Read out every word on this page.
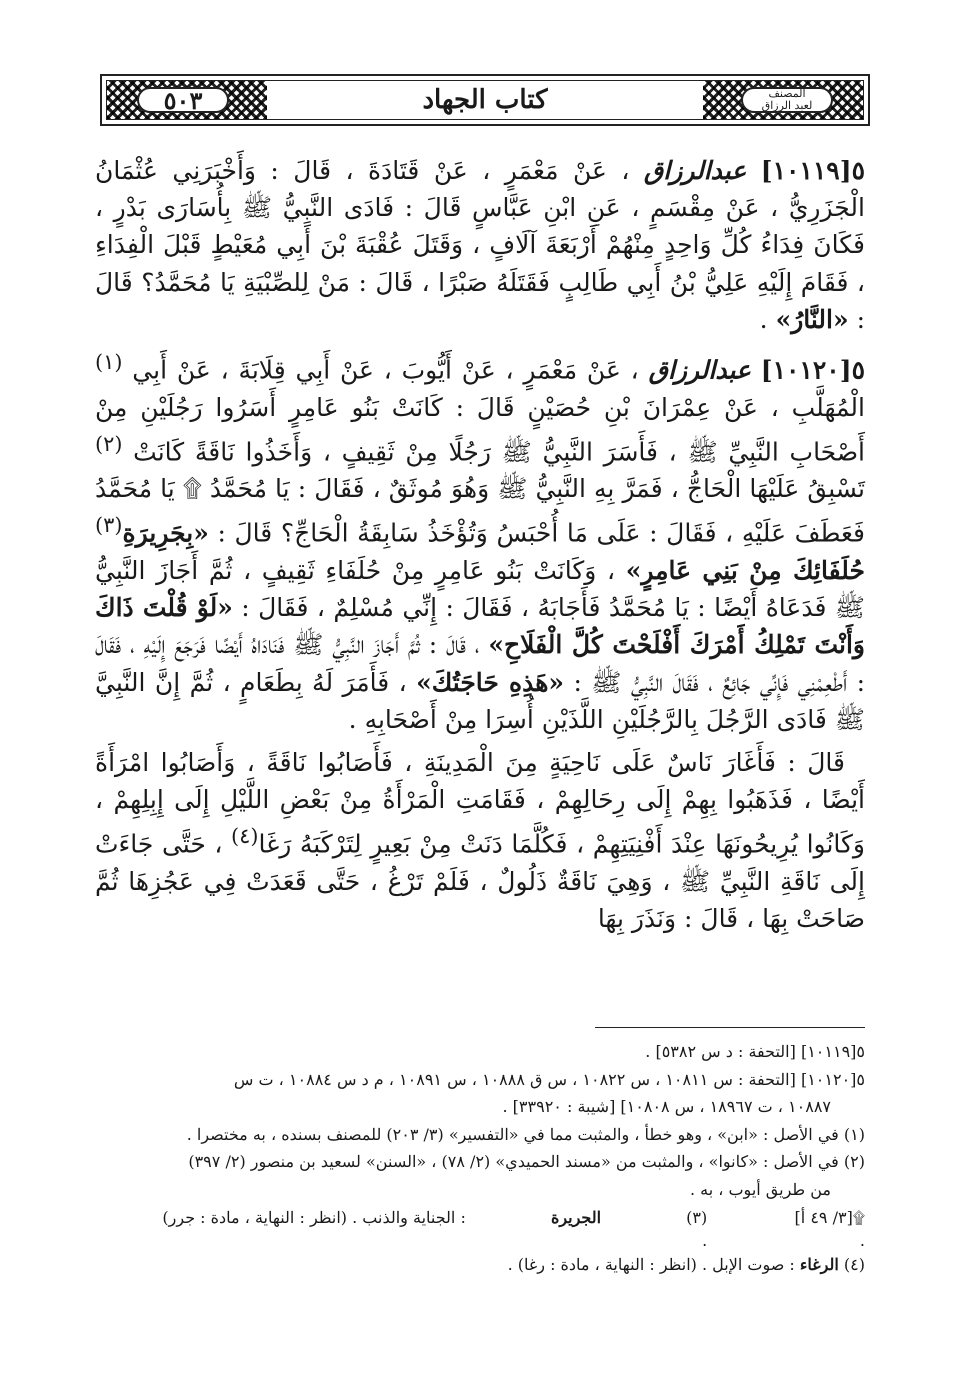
٥٠٣	كتاب الجهاد	المصنف
لعبد الرزاق

٥[١٠١١٩] عبدالرزاق ، عَنْ مَعْمَرٍ ، عَنْ قَتَادَةَ ، قَالَ : وَأَخْبَرَنِي عُثْمَانُ الْجَزَرِيُّ ، عَنْ مِقْسَمٍ ، عَنِ ابْنِ عَبَّاسٍ قَالَ : فَادَى النَّبِيُّ ﷺ بِأُسَارَى بَدْرٍ ، فَكَانَ فِدَاءُ كُلِّ وَاحِدٍ مِنْهُمْ أَرْبَعَةَ آلَافٍ ، وَقَتَلَ عُقْبَةَ بْنَ أَبِي مُعَيْطٍ قَبْلَ الْفِدَاءِ ، فَقَامَ إِلَيْهِ عَلِيُّ بْنُ أَبِي طَالِبٍ فَقَتَلَهُ صَبْرًا ، قَالَ : مَنْ لِلصِّبْيَةِ يَا مُحَمَّدُ؟ قَالَ : «النَّارُ» .

٥[١٠١٢٠] عبدالرزاق ، عَنْ مَعْمَرٍ ، عَنْ أَيُّوبَ ، عَنْ أَبِي قِلَابَةَ ، عَنْ أَبِي $^{(١)}$ الْمُهَلَّبِ ، عَنْ عِمْرَانَ بْنِ حُصَيْنٍ قَالَ : كَانَتْ بَنُو عَامِرٍ أَسَرُوا رَجُلَيْنِ مِنْ أَصْحَابِ النَّبِيِّ ﷺ ، فَأَسَرَ النَّبِيُّ ﷺ رَجُلًا مِنْ ثَقِيفٍ ، وَأَخَذُوا نَاقَةً كَانَتْ $^{(٢)}$ تَسْبِقُ عَلَيْهَا الْحَاجُّ ، فَمَرَّ بِهِ النَّبِيُّ ﷺ وَهُوَ مُوثَقٌ ، فَقَالَ : يَا مُحَمَّدُ ۩ يَا مُحَمَّدُ فَعَطَفَ عَلَيْهِ ، فَقَالَ : عَلَى مَا أُحْبَسُ وَتُؤْخَذُ سَابِقَةُ الْحَاجِّ؟ قَالَ : «بِجَرِيرَةِ$^{(٣)}$ حُلَفَائِكَ مِنْ بَنِي عَامِرٍ» ، وَكَانَتْ بَنُو عَامِرٍ مِنْ حُلَفَاءِ ثَقِيفٍ ، ثُمَّ أَجَازَ النَّبِيُّ ﷺ فَدَعَاهُ أَيْضًا : يَا مُحَمَّدُ فَأَجَابَهُ ، فَقَالَ : إِنِّي مُسْلِمٌ ، فَقَالَ : «لَوْ قُلْتَ ذَاكَ وَأَنْتَ تَمْلِكُ أَمْرَكَ أَفْلَحْتَ كُلَّ الْفَلَاحِ» ، قَالَ : ثُمَّ أَجَازَ النَّبِيُّ ﷺ فَنَادَاهُ أَيْضًا فَرَجَعَ إِلَيْهِ ، فَقَالَ : أَطْعِمْنِي فَإِنِّي جَائِعٌ ، فَقَالَ النَّبِيُّ ﷺ : «هَذِهِ حَاجَتُكَ» ، فَأَمَرَ لَهُ بِطَعَامٍ ، ثُمَّ إِنَّ النَّبِيَّ ﷺ فَادَى الرَّجُلَ بِالرَّجُلَيْنِ اللَّذَيْنِ أُسِرَا مِنْ أَصْحَابِهِ .

قَالَ : فَأَغَارَ نَاسٌ عَلَى نَاحِيَةٍ مِنَ الْمَدِينَةِ ، فَأَصَابُوا نَاقَةً ، وَأَصَابُوا امْرَأَةً أَيْضًا ، فَذَهَبُوا بِهِمْ إِلَى رِحَالِهِمْ ، فَقَامَتِ الْمَرْأَةُ مِنْ بَعْضِ اللَّيْلِ إِلَى إِبِلِهِمْ ، وَكَانُوا يُرِيحُونَهَا عِنْدَ أَفْنِيَتِهِمْ ، فَكُلَّمَا دَنَتْ مِنْ بَعِيرٍ لِتَرْكَبَهُ رَغَا$^{(٤)}$ ، حَتَّى جَاءَتْ إِلَى نَاقَةِ النَّبِيِّ ﷺ ، وَهِيَ نَاقَةٌ ذَلُولٌ ، فَلَمْ تَرْغُ ، حَتَّى قَعَدَتْ فِي عَجُزِهَا ثُمَّ صَاحَتْ بِهَا ، قَالَ : وَنَذَرَ بِهَا

٥[١٠١١٩] [التحفة : د س ٥٣٨٢] .

٥[١٠١٢٠] [التحفة : س ١٠٨١١ ، س ١٠٨٢٢ ، س ق ١٠٨٨٨ ، س ١٠٨٩١ ، م د س ١٠٨٨٤ ، ت س

١٠٨٨٧ ، ت ١٨٩٦٧ ، س ١٠٨٠٨] [شيبة : ٣٣٩٢٠] .

(١) في الأصل : «ابن» ، وهو خطأ ، والمثبت مما في «التفسير» (٣/ ٢٠٣) للمصنف بسنده ، به مختصرا .

(٢) في الأصل : «كانوا» ، والمثبت من «مسند الحميدي» (٢/ ٧٨) ، «السنن» لسعيد بن منصور (٢/ ٣٩٧)

من طريق أيوب ، به .

۩[٣/ ٤٩ أ] .

(٣) الجريرة : الجناية والذنب . (انظر : النهاية ، مادة : جرر) .

(٤) الرغاء : صوت الإبل . (انظر : النهاية ، مادة : رغا) .
